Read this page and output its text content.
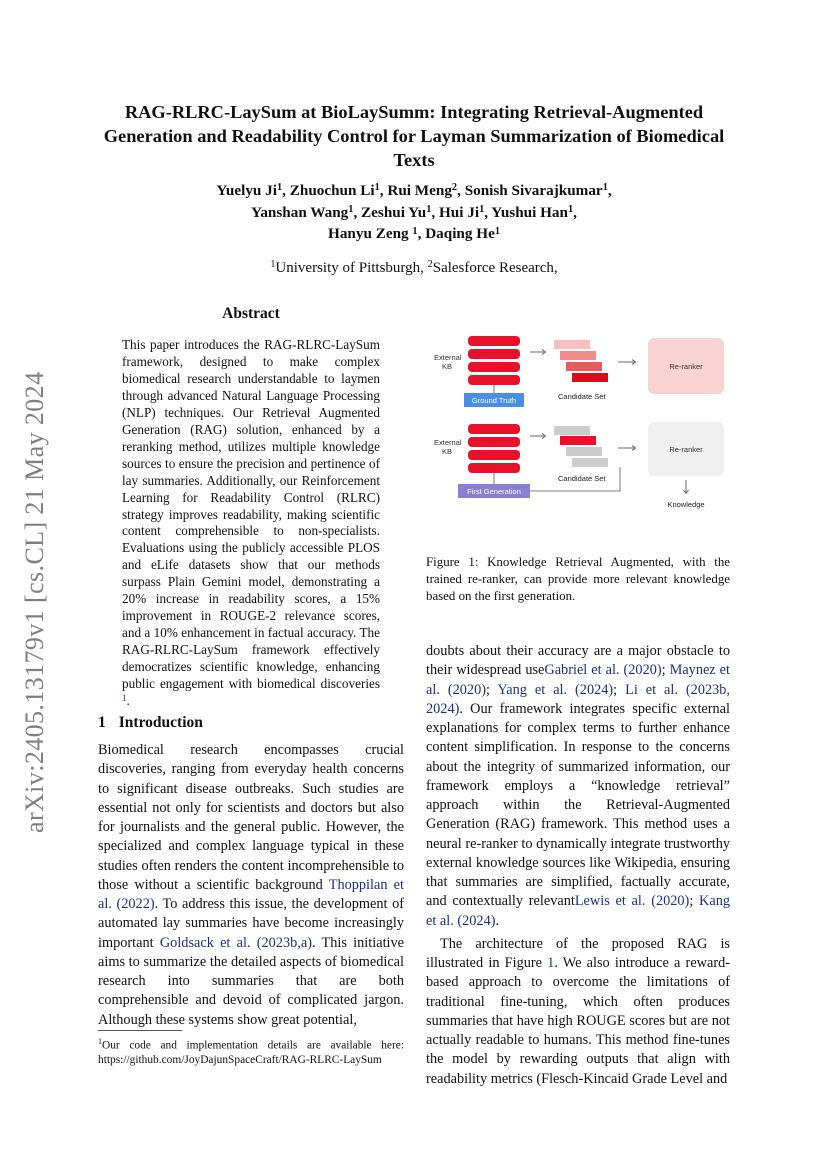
arXiv:2405.13179v1 [cs.CL] 21 May 2024
RAG-RLRC-LaySum at BioLaySumm: Integrating Retrieval-Augmented Generation and Readability Control for Layman Summarization of Biomedical Texts
Yuelyu Ji$^1$, Zhuochun Li$^1$, Rui Meng$^2$, Sonish Sivarajkumar$^1$,
Yanshan Wang$^1$, Zeshui Yu$^1$, Hui Ji$^1$, Yushui Han$^1$,
Hanyu Zeng $^1$, Daqing He$^1$
$^1$University of Pittsburgh, $^2$Salesforce Research,
Abstract
This paper introduces the RAG-RLRC-LaySum framework, designed to make complex biomedical research understandable to laymen through advanced Natural Language Processing (NLP) techniques. Our Retrieval Augmented Generation (RAG) solution, enhanced by a reranking method, utilizes multiple knowledge sources to ensure the precision and pertinence of lay summaries. Additionally, our Reinforcement Learning for Readability Control (RLRC) strategy improves readability, making scientific content comprehensible to non-specialists. Evaluations using the publicly accessible PLOS and eLife datasets show that our methods surpass Plain Gemini model, demonstrating a 20% increase in readability scores, a 15% improvement in ROUGE-2 relevance scores, and a 10% enhancement in factual accuracy. The RAG-RLRC-LaySum framework effectively democratizes scientific knowledge, enhancing public engagement with biomedical discoveries $^1$.
1 Introduction
Biomedical research encompasses crucial discoveries, ranging from everyday health concerns to significant disease outbreaks. Such studies are essential not only for scientists and doctors but also for journalists and the general public. However, the specialized and complex language typical in these studies often renders the content incomprehensible to those without a scientific background Thoppilan et al. (2022). To address this issue, the development of automated lay summaries have become increasingly important Goldsack et al. (2023b,a). This initiative aims to summarize the detailed aspects of biomedical research into summaries that are both comprehensible and devoid of complicated jargon. Although these systems show great potential,
$^1$Our code and implementation details are available here: https://github.com/JoyDajunSpaceCraft/RAG-RLRC-LaySum
External
KB
Ground Truth	Candidate Set
Re-ranker
External
KB
First Generation
Candidate Set
Re-ranker
Knowledge
Figure 1: Knowledge Retrieval Augmented, with the trained re-ranker, can provide more relevant knowledge based on the first generation.

doubts about their accuracy are a major obstacle to their widespread useGabriel et al. (2020); Maynez et al. (2020); Yang et al. (2024); Li et al. (2023b, 2024). Our framework integrates specific external explanations for complex terms to further enhance content simplification. In response to the concerns about the integrity of summarized information, our framework employs a “knowledge retrieval” approach within the Retrieval-Augmented Generation (RAG) framework. This method uses a neural re-ranker to dynamically integrate trustworthy external knowledge sources like Wikipedia, ensuring that summaries are simplified, factually accurate, and contextually relevantLewis et al. (2020); Kang et al. (2024).

The architecture of the proposed RAG is illustrated in Figure 1. We also introduce a reward-based approach to overcome the limitations of traditional fine-tuning, which often produces summaries that have high ROUGE scores but are not actually readable to humans. This method fine-tunes the model by rewarding outputs that align with readability metrics (Flesch-Kincaid Grade Level and
